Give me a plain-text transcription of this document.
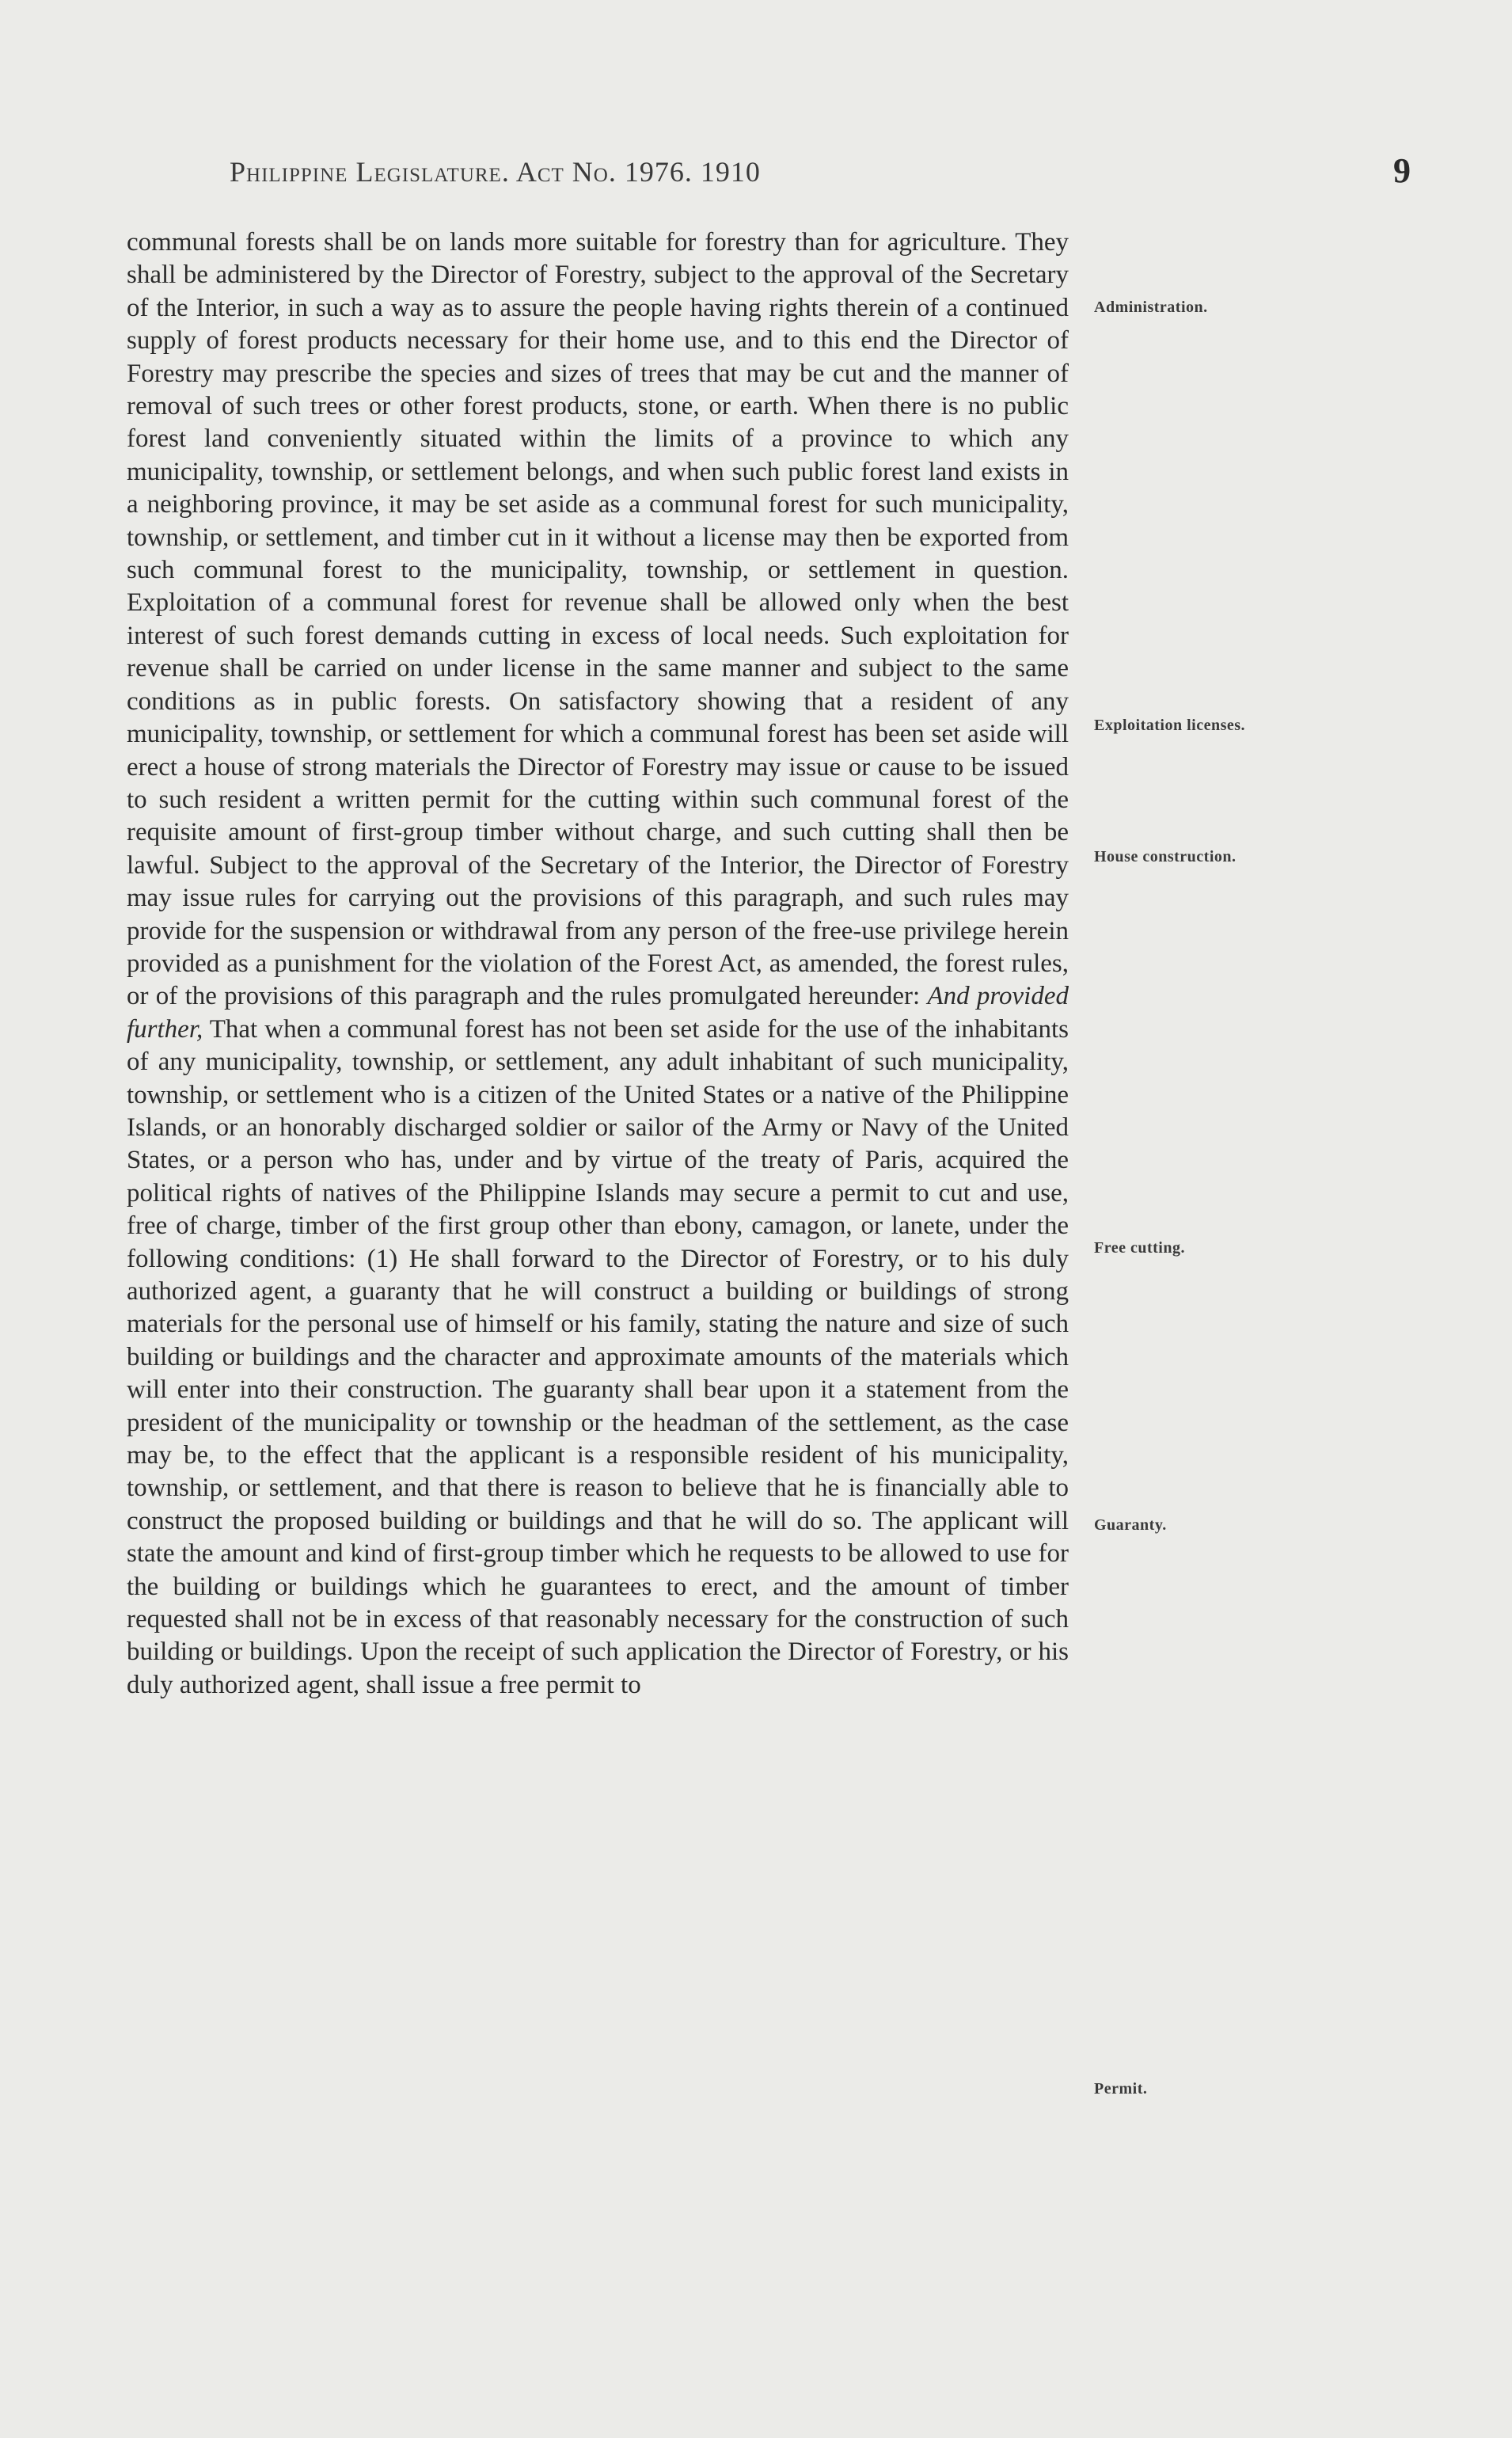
Philippine Legislature. Act No. 1976. 1910	9

communal forests shall be on lands more suitable for forestry than for agriculture. They shall be administered by the Director of Forestry, subject to the approval of the Secretary of the Interior, in such a way as to assure the people having rights therein of a continued supply of forest products necessary for their home use, and to this end the Director of Forestry may prescribe the species and sizes of trees that may be cut and the manner of removal of such trees or other forest products, stone, or earth. When there is no public forest land conveniently situated within the limits of a province to which any municipality, township, or settlement belongs, and when such public forest land exists in a neighboring province, it may be set aside as a communal forest for such municipality, township, or settlement, and timber cut in it without a license may then be exported from such communal forest to the municipality, township, or settlement in question. Exploitation of a communal forest for revenue shall be allowed only when the best interest of such forest demands cutting in excess of local needs. Such exploitation for revenue shall be carried on under license in the same manner and subject to the same conditions as in public forests. On satisfactory showing that a resident of any municipality, township, or settlement for which a communal forest has been set aside will erect a house of strong materials the Director of Forestry may issue or cause to be issued to such resident a written permit for the cutting within such communal forest of the requisite amount of first-group timber without charge, and such cutting shall then be lawful. Subject to the approval of the Secretary of the Interior, the Director of Forestry may issue rules for carrying out the provisions of this paragraph, and such rules may provide for the suspension or withdrawal from any person of the free-use privilege herein provided as a punishment for the violation of the Forest Act, as amended, the forest rules, or of the provisions of this paragraph and the rules promulgated hereunder: And provided further, That when a communal forest has not been set aside for the use of the inhabitants of any municipality, township, or settlement, any adult inhabitant of such municipality, township, or settlement who is a citizen of the United States or a native of the Philippine Islands, or an honorably discharged soldier or sailor of the Army or Navy of the United States, or a person who has, under and by virtue of the treaty of Paris, acquired the political rights of natives of the Philippine Islands may secure a permit to cut and use, free of charge, timber of the first group other than ebony, camagon, or lanete, under the following conditions: (1) He shall forward to the Director of Forestry, or to his duly authorized agent, a guaranty that he will construct a building or buildings of strong materials for the personal use of himself or his family, stating the nature and size of such building or buildings and the character and approximate amounts of the materials which will enter into their construction. The guaranty shall bear upon it a statement from the president of the municipality or township or the headman of the settlement, as the case may be, to the effect that the applicant is a responsible resident of his municipality, township, or settlement, and that there is reason to believe that he is financially able to construct the proposed building or buildings and that he will do so. The applicant will state the amount and kind of first-group timber which he requests to be allowed to use for the building or buildings which he guarantees to erect, and the amount of timber requested shall not be in excess of that reasonably necessary for the construction of such building or buildings. Upon the receipt of such application the Director of Forestry, or his duly authorized agent, shall issue a free permit to

Administration.
Exploitation licenses.
House construction.
Free cutting.
Guaranty.
Permit.
